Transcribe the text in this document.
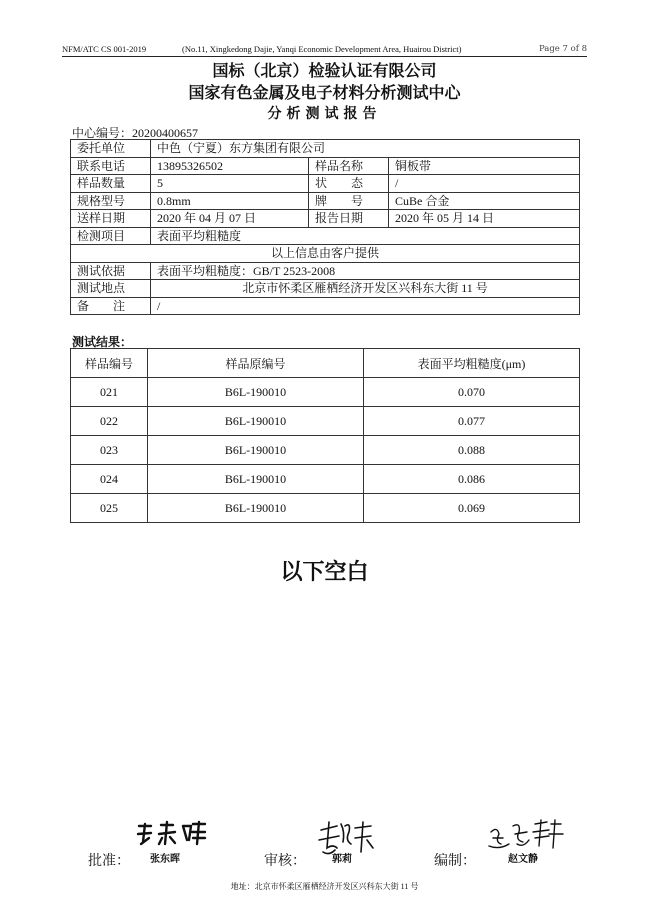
NFM/ATC CS 001-2019	(No.11, Xingkedong Dajie, Yanqi Economic Development Area, Huairou District)	Page 7 of 8
国标（北京）检验认证有限公司
国家有色金属及电子材料分析测试中心
分析测试报告
中心编号：20200400657
委托单位	中色（宁夏）东方集团有限公司		
联系电话	13895326502	样品名称	铜板带
样品数量	5	状　　态	/
规格型号	0.8mm	牌　　号	CuBe 合金
送样日期	2020 年 04 月 07 日	报告日期	2020 年 05 月 14 日
检测项目	表面平均粗糙度		
以上信息由客户提供			
测试依据	表面平均粗糙度：GB/T 2523-2008		
测试地点	北京市怀柔区雁栖经济开发区兴科东大街 11 号		
备　　注	/		
测试结果：
样品编号	样品原编号	表面平均粗糙度(μm)
021	B6L-190010	0.070
022	B6L-190010	0.077
023	B6L-190010	0.088
024	B6L-190010	0.086
025	B6L-190010	0.069
以下空白
批准： 张东晖	审核：	郭莉	编制：	赵文静
地址：北京市怀柔区雁栖经济开发区兴科东大街 11 号
